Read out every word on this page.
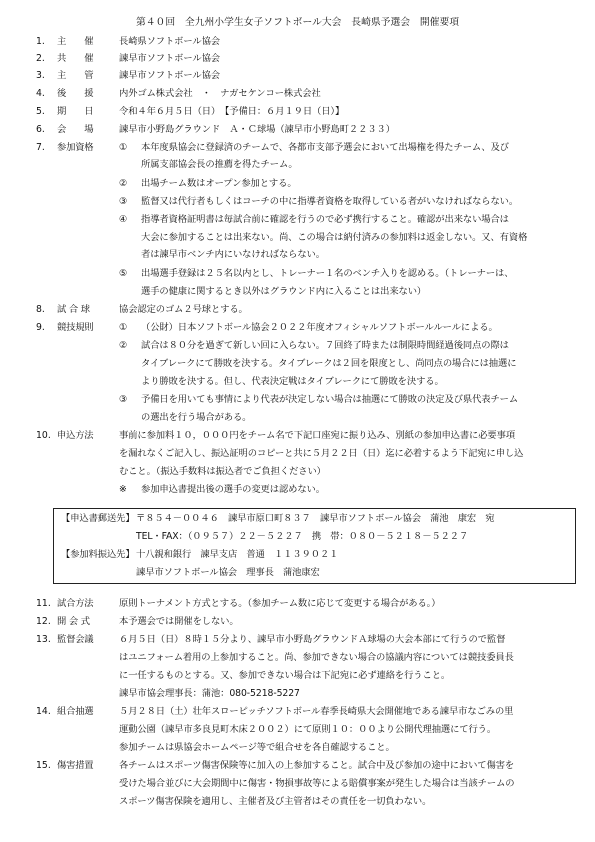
第４０回　全九州小学生女子ソフトボール大会　長崎県予選会　開催要項
1. 主　　催	長崎県ソフトボール協会
2. 共　　催	諫早市ソフトボール協会
3. 主　　管	諫早市ソフトボール協会
4. 後　　援	内外ゴム株式会社　・　ナガセケンコー株式会社
5. 期　　日	令和４年６月５日（日）　【予備日：６月１９日（日）】
6. 会　　場	諫早市小野島グラウンド　Ａ・Ｃ球場（諫早市小野島町２２３３）
7. 参加資格	① 本年度県協会に登録済のチームで、各都市支部予選会において出場権を得たチーム、及び
所属支部協会長の推薦を得たチーム。
② 出場チーム数はオープン参加とする。
③ 監督又は代行者もしくはコーチの中に指導者資格を取得している者がいなければならない。
④ 指導者資格証明書は毎試合前に確認を行うので必ず携行すること。確認が出来ない場合は
大会に参加することは出来ない。尚、この場合は納付済みの参加料は返金しない。又、有資格
者は諫早市ベンチ内にいなければならない。
⑤ 出場選手登録は２５名以内とし、トレーナー１名のベンチ入りを認める。（トレーナーは、
選手の健康に関するとき以外はグラウンド内に入ることは出来ない）
8. 試 合 球	協会認定のゴム２号球とする。
9. 競技規則	① （公財）日本ソフトボール協会２０２２年度オフィシャルソフトボールルールによる。
② 試合は８０分を過ぎて新しい回に入らない。７回終了時または制限時間経過後同点の際は
タイブレークにて勝敗を決する。タイブレークは２回を限度とし、尚同点の場合には抽選に
より勝敗を決する。但し、代表決定戦はタイブレークにて勝敗を決する。
③ 予備日を用いても事情により代表が決定しない場合は抽選にて勝敗の決定及び県代表チーム
の選出を行う場合がある。
10. 申込方法	事前に参加料１０，０００円をチーム名で下記口座宛に振り込み、別紙の参加申込書に必要事項
を漏れなくご記入し、振込証明のコピーと共に５月２２日（日）迄に必着するよう下記宛に申し込
むこと。（振込手数料は振込者でご負担ください）
※ 参加申込書提出後の選手の変更は認めない。
【申込書郵送先】 〒８５４－００４６　諫早市原口町８３７　諫早市ソフトボール協会　蒲池　康宏　宛
TEL・FAX：（０９５７）２２－５２２７　携　帯：０８０－５２１８－５２２７
【参加料振込先】 十八親和銀行　諫早支店　普通　１１３９０２１
諫早市ソフトボール協会　理事長　蒲池康宏
11. 試合方法	原則トーナメント方式とする。（参加チーム数に応じて変更する場合がある。）
12. 開 会 式	本予選会では開催をしない。
13. 監督会議	６月５日（日）８時１５分より、諫早市小野島グラウンドＡ球場の大会本部にて行うので監督
はユニフォーム着用の上参加すること。尚、参加できない場合の協議内容については競技委員長
に一任するものとする。又、参加できない場合は下記宛に必ず連絡を行うこと。
諫早市協会理事長：蒲池：080-5218-5227
14. 組合抽選	５月２８日（土）壮年スローピッチソフトボール春季長崎県大会開催地である諫早市なごみの里
運動公園（諫早市多良見町木床２００２）にて原則１０：００より公開代理抽選にて行う。
参加チームは県協会ホームページ等で組合せを各自確認すること。
15. 傷害措置	各チームはスポーツ傷害保険等に加入の上参加すること。試合中及び参加の途中において傷害を
受けた場合並びに大会期間中に傷害・物損事故等による賠償事案が発生した場合は当該チームの
スポーツ傷害保険を適用し、主催者及び主管者はその責任を一切負わない。
